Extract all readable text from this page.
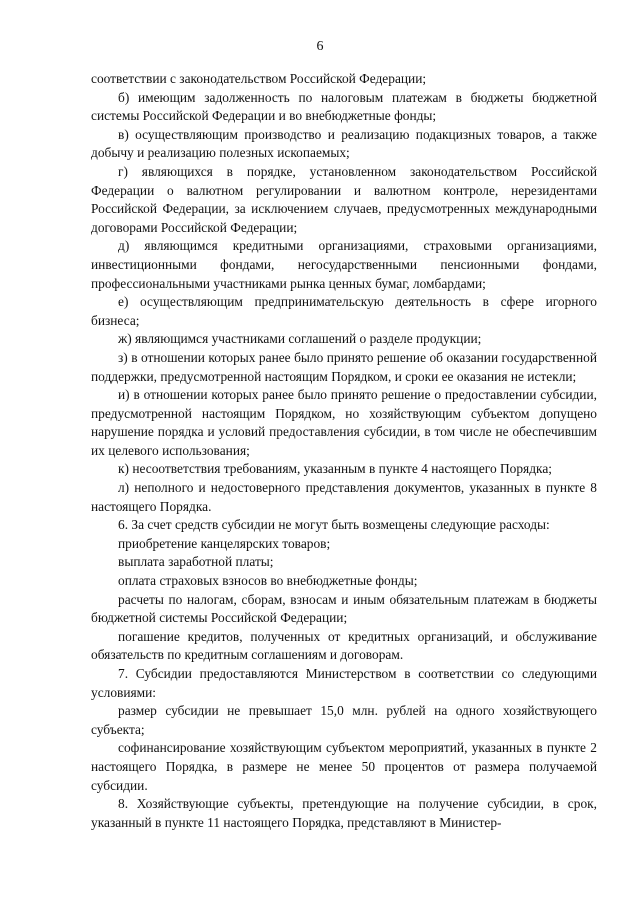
6

соответствии с законодательством Российской Федерации;

б) имеющим задолженность по налоговым платежам в бюджеты бюджетной системы Российской Федерации и во внебюджетные фонды;

в) осуществляющим производство и реализацию подакцизных товаров, а также добычу и реализацию полезных ископаемых;

г) являющихся в порядке, установленном законодательством Российской Федерации о валютном регулировании и валютном контроле, нерезидентами Российской Федерации, за исключением случаев, предусмотренных международными договорами Российской Федерации;

д) являющимся кредитными организациями, страховыми организациями, инвестиционными фондами, негосударственными пенсионными фондами, профессиональными участниками рынка ценных бумаг, ломбардами;

е) осуществляющим предпринимательскую деятельность в сфере игорного бизнеса;

ж) являющимся участниками соглашений о разделе продукции;

з) в отношении которых ранее было принято решение об оказании государственной поддержки, предусмотренной настоящим Порядком, и сроки ее оказания не истекли;

и) в отношении которых ранее было принято решение о предоставлении субсидии, предусмотренной настоящим Порядком, но хозяйствующим субъектом допущено нарушение порядка и условий предоставления субсидии, в том числе не обеспечившим их целевого использования;

к) несоответствия требованиям, указанным в пункте 4 настоящего Порядка;

л) неполного и недостоверного представления документов, указанных в пункте 8 настоящего Порядка.

6. За счет средств субсидии не могут быть возмещены следующие расходы:

приобретение канцелярских товаров;

выплата заработной платы;

оплата страховых взносов во внебюджетные фонды;

расчеты по налогам, сборам, взносам и иным обязательным платежам в бюджеты бюджетной системы Российской Федерации;

погашение кредитов, полученных от кредитных организаций, и обслуживание обязательств по кредитным соглашениям и договорам.

7. Субсидии предоставляются Министерством в соответствии со следующими условиями:

размер субсидии не превышает 15,0 млн. рублей на одного хозяйствующего субъекта;

софинансирование хозяйствующим субъектом мероприятий, указанных в пункте 2 настоящего Порядка, в размере не менее 50 процентов от размера получаемой субсидии.

8. Хозяйствующие субъекты, претендующие на получение субсидии, в срок, указанный в пункте 11 настоящего Порядка, представляют в Министер-
